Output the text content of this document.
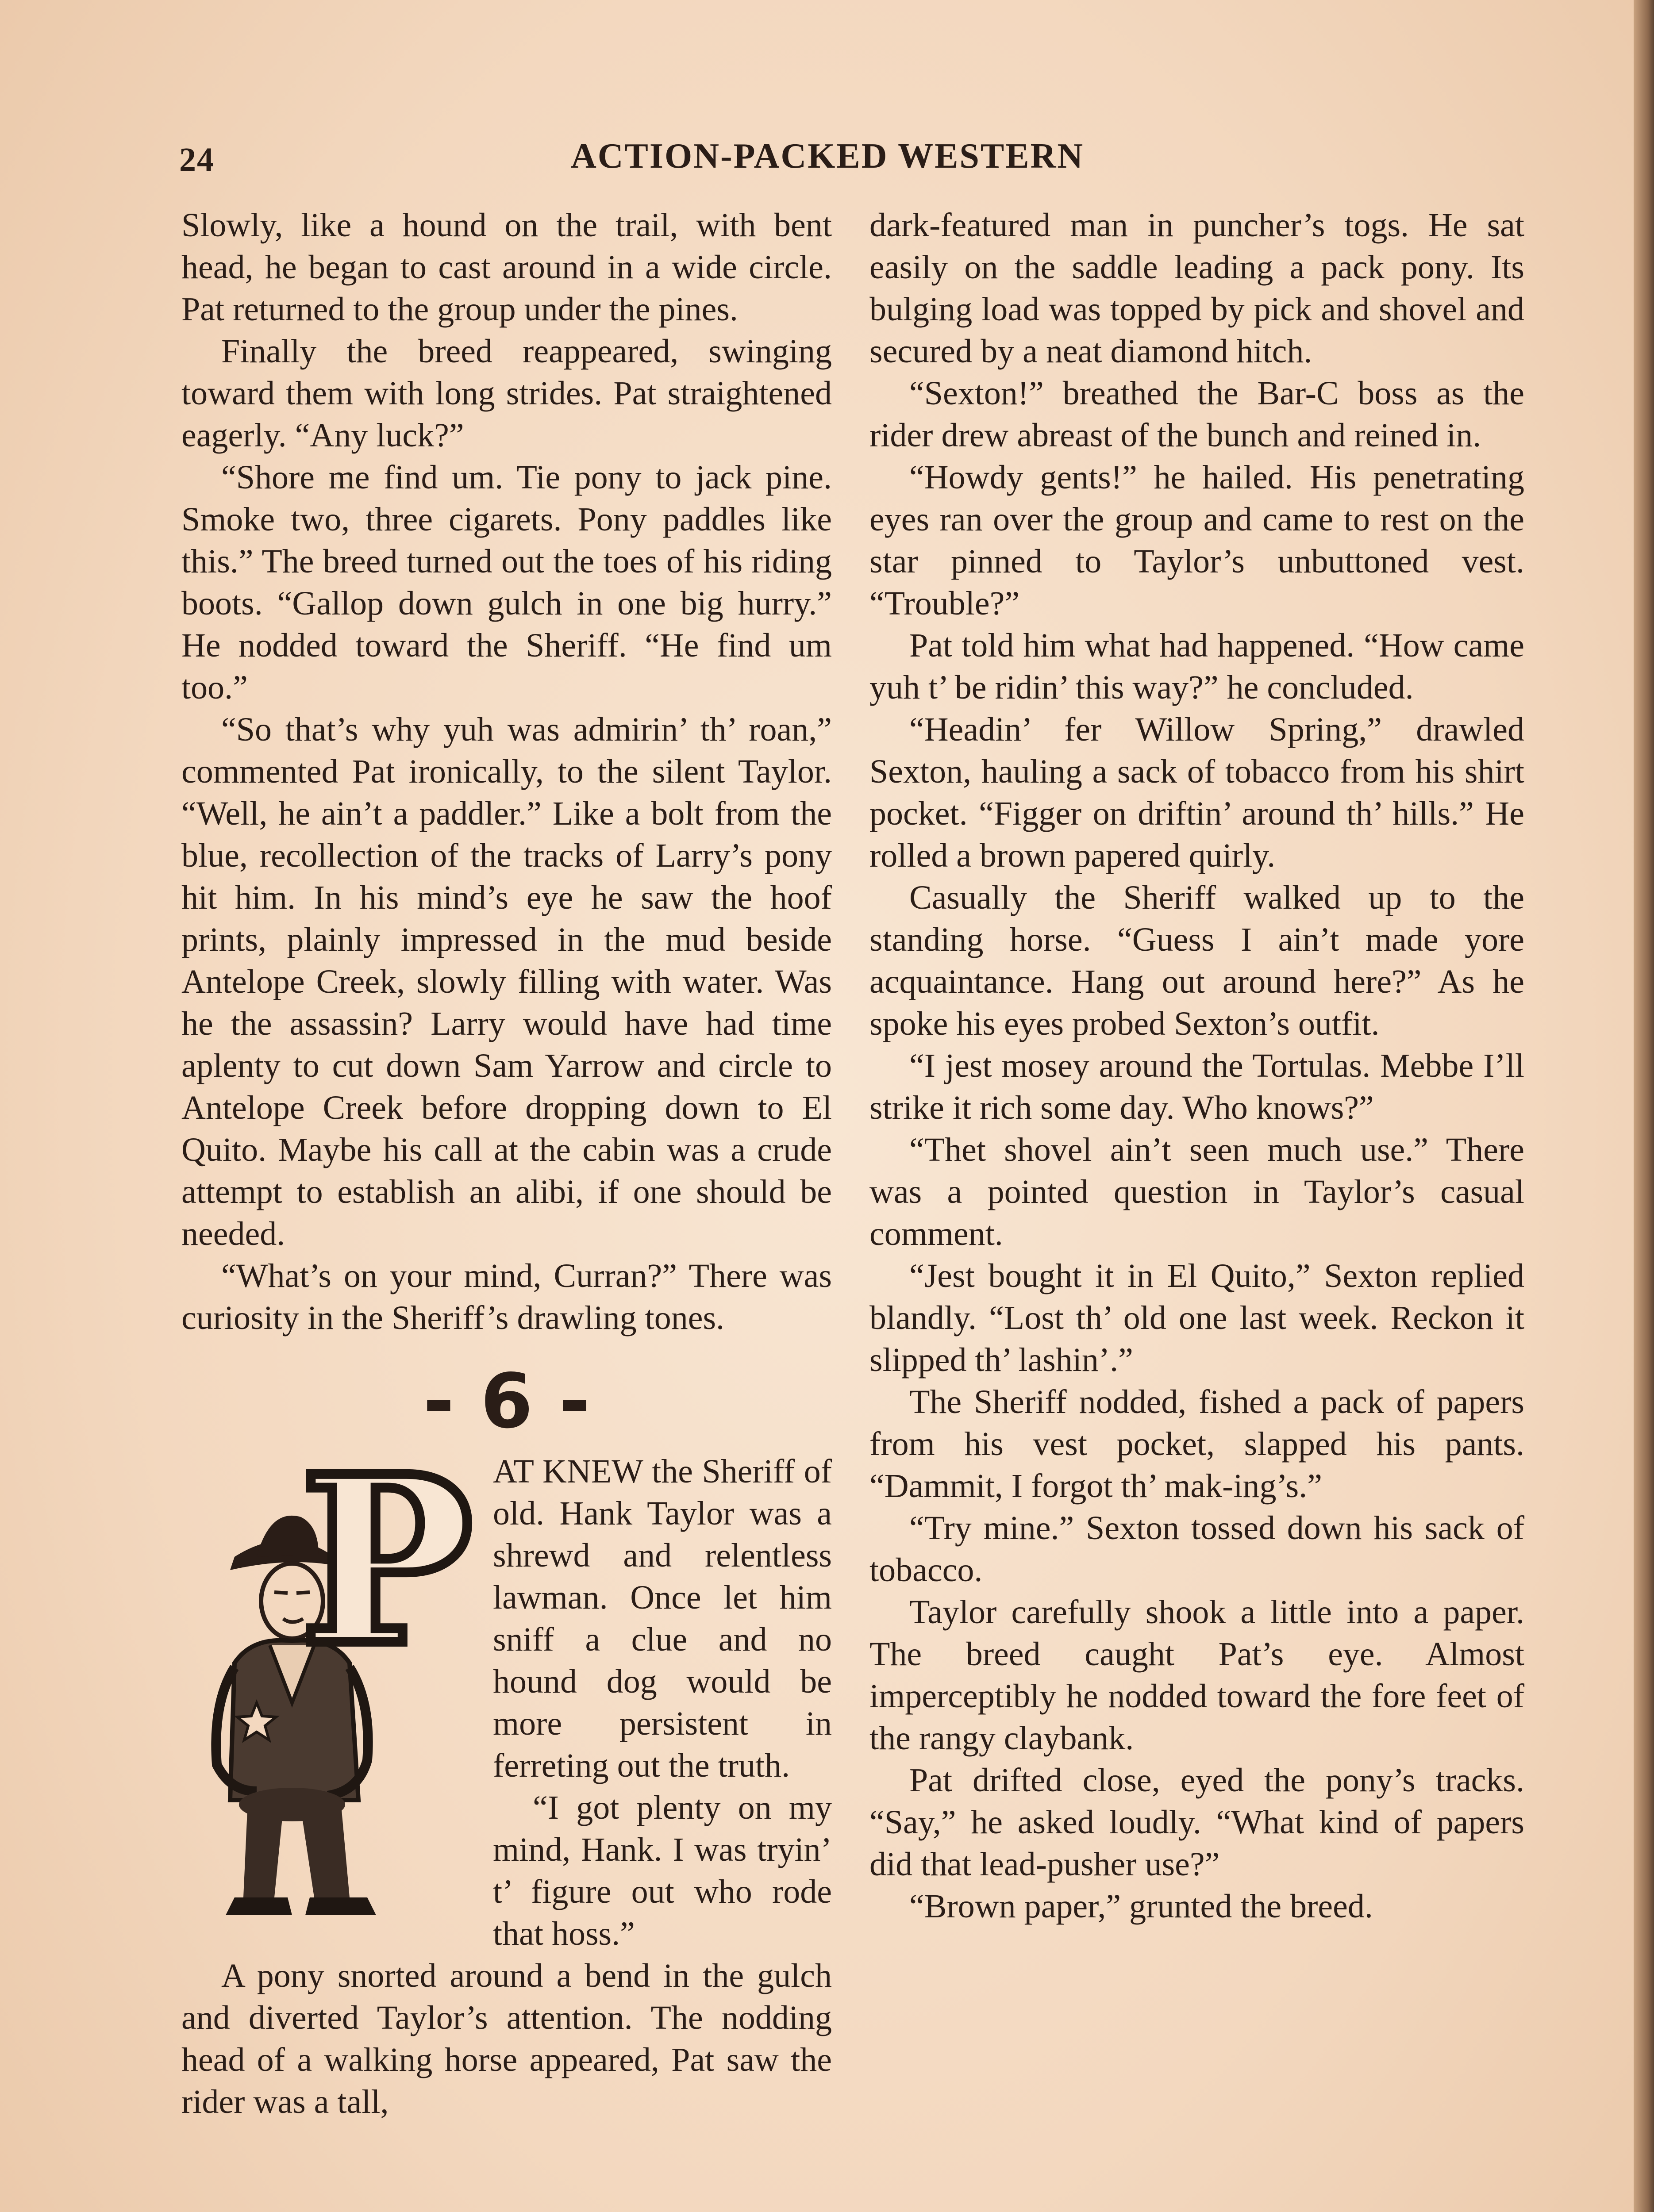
24	ACTION-PACKED WESTERN

Slowly, like a hound on the trail, with bent head, he began to cast around in a wide circle. Pat returned to the group under the pines.

Finally the breed reappeared, swinging toward them with long strides. Pat straightened eagerly. “Any luck?”

“Shore me find um. Tie pony to jack pine. Smoke two, three cigarets. Pony paddles like this.” The breed turned out the toes of his riding boots. “Gallop down gulch in one big hurry.” He nodded toward the Sheriff. “He find um too.”

“So that’s why yuh was admirin’ th’ roan,” commented Pat ironically, to the silent Taylor. “Well, he ain’t a paddler.” Like a bolt from the blue, recollection of the tracks of Larry’s pony hit him. In his mind’s eye he saw the hoof prints, plainly impressed in the mud beside Antelope Creek, slowly filling with water. Was he the assassin? Larry would have had time aplenty to cut down Sam Yarrow and circle to Antelope Creek before dropping down to El Quito. Maybe his call at the cabin was a crude attempt to establish an alibi, if one should be needed.

“What’s on your mind, Curran?” There was curiosity in the Sheriff’s drawling tones.

- 6 -
P AT KNEW the Sheriff of old. Hank Taylor was a shrewd and relentless lawman. Once let him sniff a clue and no hound dog would be more persistent in ferreting out the truth.

“I got plenty on my mind, Hank. I was tryin’ t’ figure out who rode that hoss.”

A pony snorted around a bend in the gulch and diverted Taylor’s attention. The nodding head of a walking horse appeared, Pat saw the rider was a tall,

dark-featured man in puncher’s togs. He sat easily on the saddle leading a pack pony. Its bulging load was topped by pick and shovel and secured by a neat diamond hitch.

“Sexton!” breathed the Bar-C boss as the rider drew abreast of the bunch and reined in.

“Howdy gents!” he hailed. His penetrating eyes ran over the group and came to rest on the star pinned to Taylor’s unbuttoned vest. “Trouble?”

Pat told him what had happened. “How came yuh t’ be ridin’ this way?” he concluded.

“Headin’ fer Willow Spring,” drawled Sexton, hauling a sack of tobacco from his shirt pocket. “Figger on driftin’ around th’ hills.” He rolled a brown papered quirly.

Casually the Sheriff walked up to the standing horse. “Guess I ain’t made yore acquaintance. Hang out around here?” As he spoke his eyes probed Sexton’s outfit.

“I jest mosey around the Tortulas. Mebbe I’ll strike it rich some day. Who knows?”

“Thet shovel ain’t seen much use.” There was a pointed question in Taylor’s casual comment.

“Jest bought it in El Quito,” Sexton replied blandly. “Lost th’ old one last week. Reckon it slipped th’ lashin’.”

The Sheriff nodded, fished a pack of papers from his vest pocket, slapped his pants. “Dammit, I forgot th’ mak-ing’s.”

“Try mine.” Sexton tossed down his sack of tobacco.

Taylor carefully shook a little into a paper. The breed caught Pat’s eye. Almost imperceptibly he nodded toward the fore feet of the rangy claybank.

Pat drifted close, eyed the pony’s tracks. “Say,” he asked loudly. “What kind of papers did that lead-pusher use?”

“Brown paper,” grunted the breed.
